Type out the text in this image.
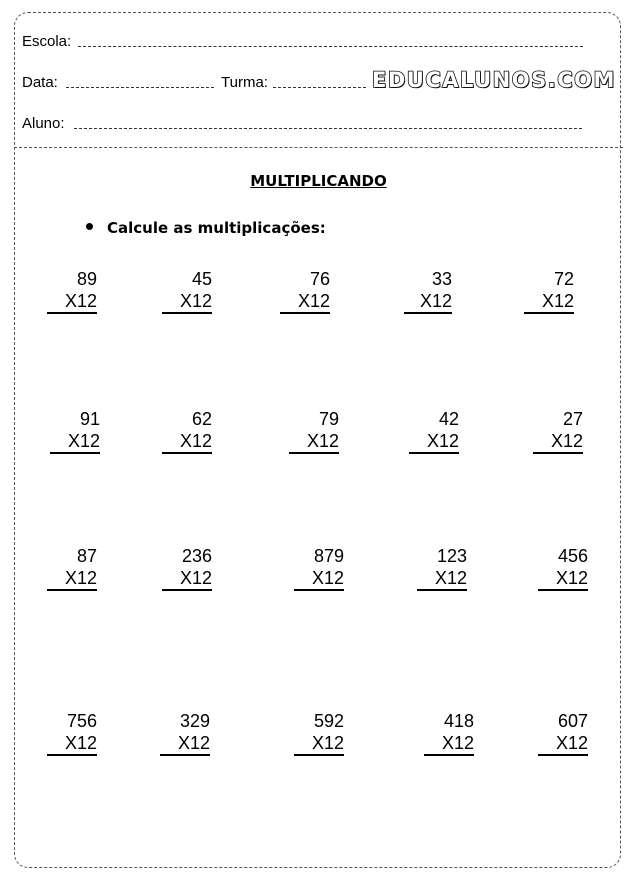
Escola:
Data:	Turma:	EDUCALUNOS.COM
Aluno:
MULTIPLICANDO
Calcule as multiplicações:
89
X12
45
X12
76
X12
33
X12
72
X12
91
X12
62
X12
79
X12
42
X12
27
X12
87
X12
236
X12
879
X12
123
X12
456
X12
756
X12
329
X12
592
X12
418
X12
607
X12
